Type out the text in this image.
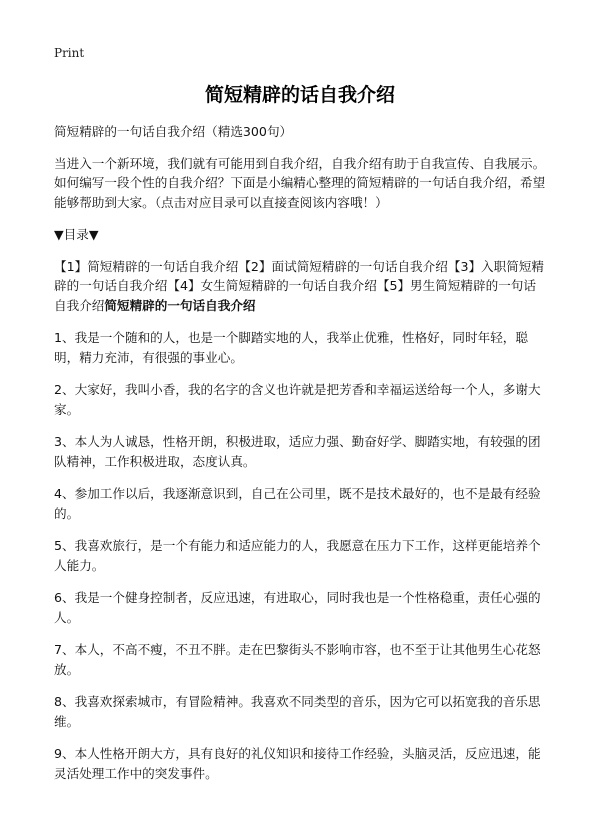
Print
简短精辟的话自我介绍

简短精辟的一句话自我介绍（精选300句）

当进入一个新环境，我们就有可能用到自我介绍，自我介绍有助于自我宣传、自我展示。如何编写一段个性的自我介绍？下面是小编精心整理的简短精辟的一句话自我介绍，希望能够帮助到大家。（点击对应目录可以直接查阅该内容哦！）

▼目录▼

【1】简短精辟的一句话自我介绍【2】面试简短精辟的一句话自我介绍【3】入职简短精辟的一句话自我介绍【4】女生简短精辟的一句话自我介绍【5】男生简短精辟的一句话自我介绍简短精辟的一句话自我介绍

1、我是一个随和的人，也是一个脚踏实地的人，我举止优雅，性格好，同时年轻，聪明，精力充沛，有很强的事业心。

2、大家好，我叫小香，我的名字的含义也许就是把芳香和幸福运送给每一个人，多谢大家。

3、本人为人诚恳，性格开朗，积极进取，适应力强、勤奋好学、脚踏实地，有较强的团队精神，工作积极进取，态度认真。

4、参加工作以后，我逐渐意识到，自己在公司里，既不是技术最好的，也不是最有经验的。

5、我喜欢旅行，是一个有能力和适应能力的人，我愿意在压力下工作，这样更能培养个人能力。

6、我是一个健身控制者，反应迅速，有进取心，同时我也是一个性格稳重，责任心强的人。

7、本人，不高不瘦，不丑不胖。走在巴黎街头不影响市容，也不至于让其他男生心花怒放。

8、我喜欢探索城市，有冒险精神。我喜欢不同类型的音乐，因为它可以拓宽我的音乐思维。

9、本人性格开朗大方，具有良好的礼仪知识和接待工作经验，头脑灵活，反应迅速，能灵活处理工作中的突发事件。
